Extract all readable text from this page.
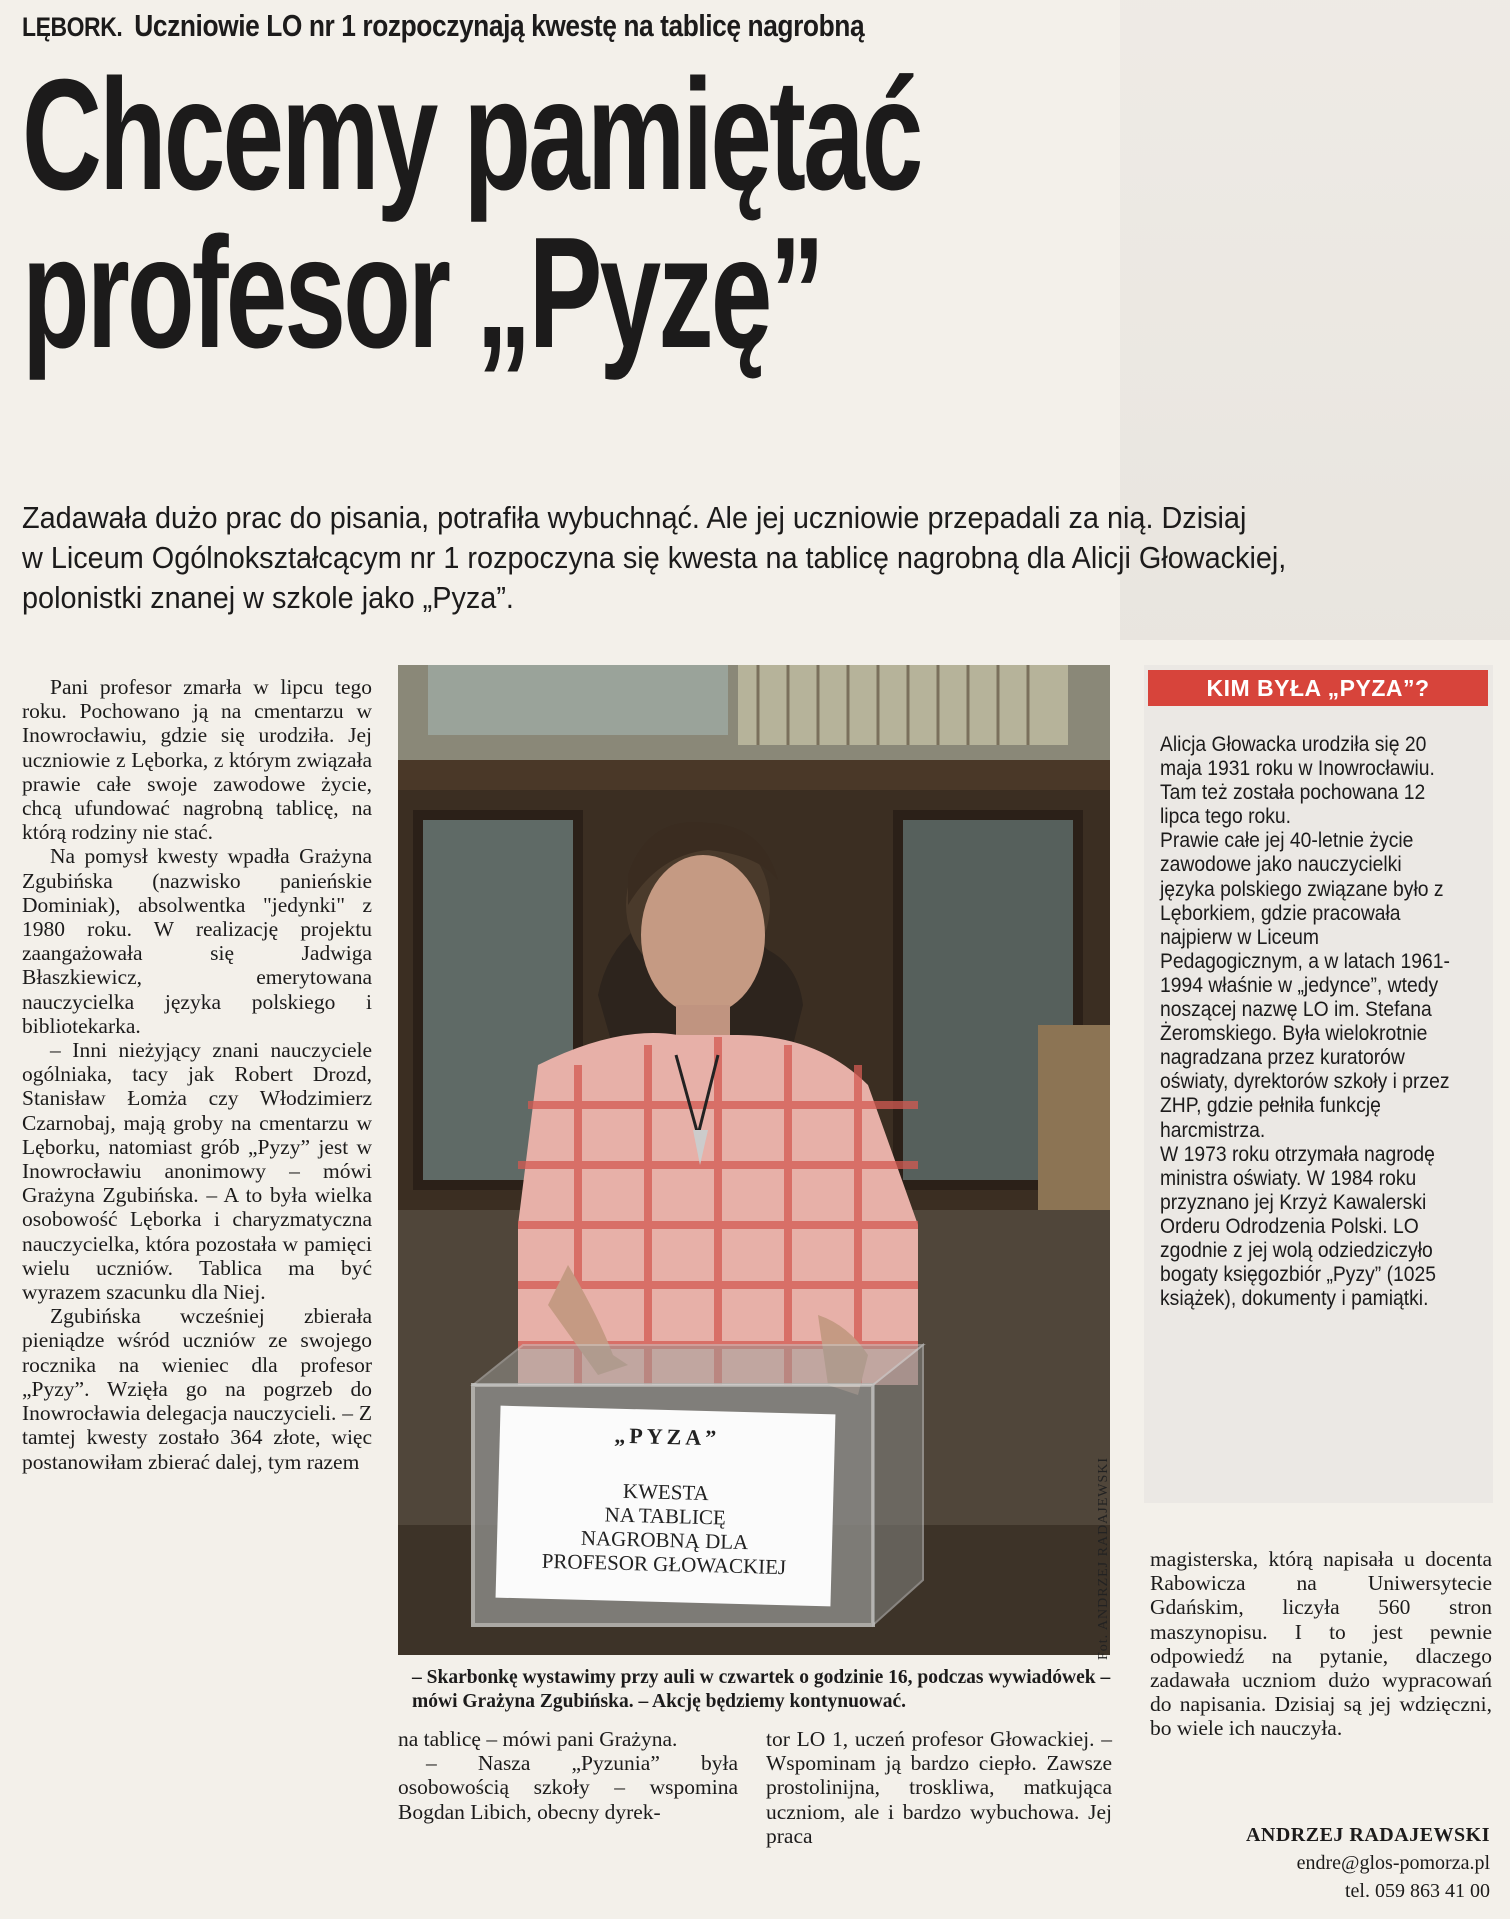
LĘBORK. Uczniowie LO nr 1 rozpoczynają kwestę na tablicę nagrobną
Chcemy pamiętać
profesor „Pyzę”
Zadawała dużo prac do pisania, potrafiła wybuchnąć. Ale jej uczniowie przepadali za nią. Dzisiaj
w Liceum Ogólnokształcącym nr 1 rozpoczyna się kwesta na tablicę nagrobną dla Alicji Głowackiej,
polonistki znanej w szkole jako „Pyza”.

Pani profesor zmarła w lipcu tego roku. Pochowano ją na cmentarzu w Inowrocławiu, gdzie się urodziła. Jej uczniowie z Lęborka, z którym związała prawie całe swoje zawodowe życie, chcą ufundować nagrobną tablicę, na którą rodziny nie stać.

Na pomysł kwesty wpadła Grażyna Zgubińska (nazwisko panieńskie Dominiak), absolwentka "jedynki" z 1980 roku. W realizację projektu zaangażowała się Jadwiga Błaszkiewicz, emerytowana nauczycielka języka polskiego i bibliotekarka.

– Inni nieżyjący znani nauczyciele ogólniaka, tacy jak Robert Drozd, Stanisław Łomża czy Włodzimierz Czarnobaj, mają groby na cmentarzu w Lęborku, natomiast grób „Pyzy” jest w Inowrocławiu anonimowy – mówi Grażyna Zgubińska. – A to była wielka osobowość Lęborka i charyzmatyczna nauczycielka, która pozostała w pamięci wielu uczniów. Tablica ma być wyrazem szacunku dla Niej.

Zgubińska wcześniej zbierała pieniądze wśród uczniów ze swojego rocznika na wieniec dla profesor „Pyzy”. Wzięła go na pogrzeb do Inowrocławia delegacja nauczycieli. – Z tamtej kwesty zostało 364 złote, więc postanowiłam zbierać dalej, tym razem

„PYZA”
KWESTA
NA TABLICĘ
NAGROBNĄ DLA
PROFESOR GŁOWACKIEJ	Fot. ANDRZEJ RADAJEWSKI
– Skarbonkę wystawimy przy auli w czwartek o godzinie 16, podczas wywiadówek – mówi Grażyna Zgubińska. – Akcję będziemy kontynuować.

na tablicę – mówi pani Grażyna.

– Nasza „Pyzunia” była osobowością szkoły – wspomina Bogdan Libich, obecny dyrek-

tor LO 1, uczeń profesor Głowackiej. – Wspominam ją bardzo ciepło. Zawsze prostolinijna, troskliwa, matkująca uczniom, ale i bardzo wybuchowa. Jej praca

KIM BYŁA „PYZA”?

Alicja Głowacka urodziła się 20 maja 1931 roku w Inowrocławiu. Tam też została pochowana 12 lipca tego roku.

Prawie całe jej 40-letnie życie zawodowe jako nauczycielki języka polskiego związane było z Lęborkiem, gdzie pracowała najpierw w Liceum Pedagogicznym, a w latach 1961-1994 właśnie w „jedynce”, wtedy noszącej nazwę LO im. Stefana Żeromskiego. Była wielokrotnie nagradzana przez kuratorów oświaty, dyrektorów szkoły i przez ZHP, gdzie pełniła funkcję harcmistrza.

W 1973 roku otrzymała nagrodę ministra oświaty. W 1984 roku przyznano jej Krzyż Kawalerski Orderu Odrodzenia Polski. LO zgodnie z jej wolą odziedziczyło bogaty księgozbiór „Pyzy” (1025 książek), dokumenty i pamiątki.

magisterska, którą napisała u docenta Rabowicza na Uniwersytecie Gdańskim, liczyła 560 stron maszynopisu. I to jest pewnie odpowiedź na pytanie, dlaczego zadawała uczniom dużo wypracowań do napisania. Dzisiaj są jej wdzięczni, bo wiele ich nauczyła.

ANDRZEJ RADAJEWSKI
endre@glos-pomorza.pl
tel. 059 863 41 00
